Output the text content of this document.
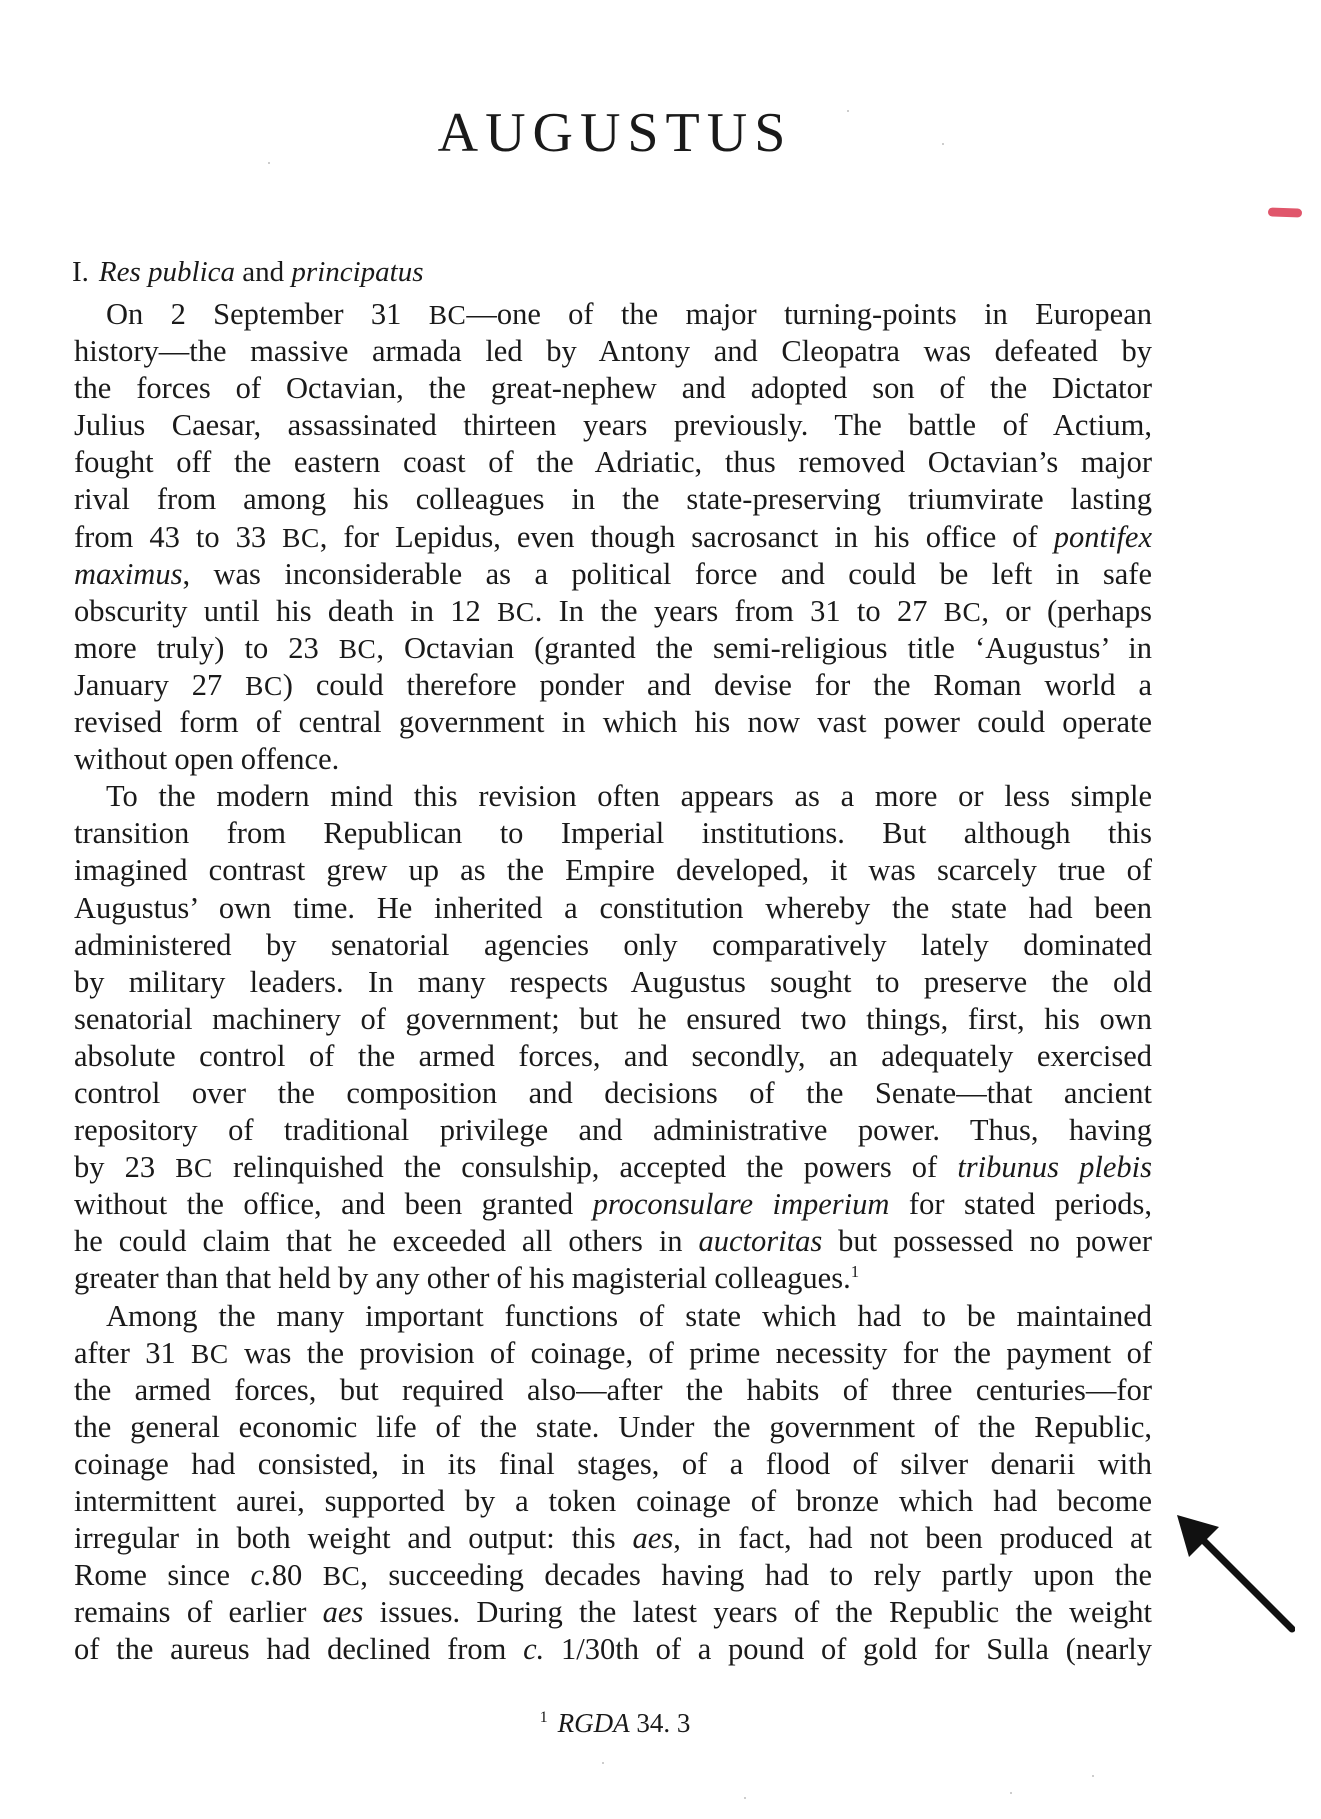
AUGUSTUS
I. Res publica and principatus
On 2 September 31 BC—one of the major turning-points in European
history—the massive armada led by Antony and Cleopatra was defeated by
the forces of Octavian, the great-nephew and adopted son of the Dictator
Julius Caesar, assassinated thirteen years previously. The battle of Actium,
fought off the eastern coast of the Adriatic, thus removed Octavian’s major
rival from among his colleagues in the state-preserving triumvirate lasting
from 43 to 33 BC, for Lepidus, even though sacrosanct in his office of pontifex
maximus, was inconsiderable as a political force and could be left in safe
obscurity until his death in 12 BC. In the years from 31 to 27 BC, or (perhaps
more truly) to 23 BC, Octavian (granted the semi-religious title ‘Augustus’ in
January 27 BC) could therefore ponder and devise for the Roman world a
revised form of central government in which his now vast power could operate
without open offence.
To the modern mind this revision often appears as a more or less simple
transition from Republican to Imperial institutions. But although this
imagined contrast grew up as the Empire developed, it was scarcely true of
Augustus’ own time. He inherited a constitution whereby the state had been
administered by senatorial agencies only comparatively lately dominated
by military leaders. In many respects Augustus sought to preserve the old
senatorial machinery of government; but he ensured two things, first, his own
absolute control of the armed forces, and secondly, an adequately exercised
control over the composition and decisions of the Senate—that ancient
repository of traditional privilege and administrative power. Thus, having
by 23 BC relinquished the consulship, accepted the powers of tribunus plebis
without the office, and been granted proconsulare imperium for stated periods,
he could claim that he exceeded all others in auctoritas but possessed no power
greater than that held by any other of his magisterial colleagues.$^1$
Among the many important functions of state which had to be maintained
after 31 BC was the provision of coinage, of prime necessity for the payment of
the armed forces, but required also—after the habits of three centuries—for
the general economic life of the state. Under the government of the Republic,
coinage had consisted, in its final stages, of a flood of silver denarii with
intermittent aurei, supported by a token coinage of bronze which had become
irregular in both weight and output: this aes, in fact, had not been produced at
Rome since c.80 BC, succeeding decades having had to rely partly upon the
remains of earlier aes issues. During the latest years of the Republic the weight
of the aureus had declined from c. 1/30th of a pound of gold for Sulla (nearly
$^1$ RGDA 34. 3
